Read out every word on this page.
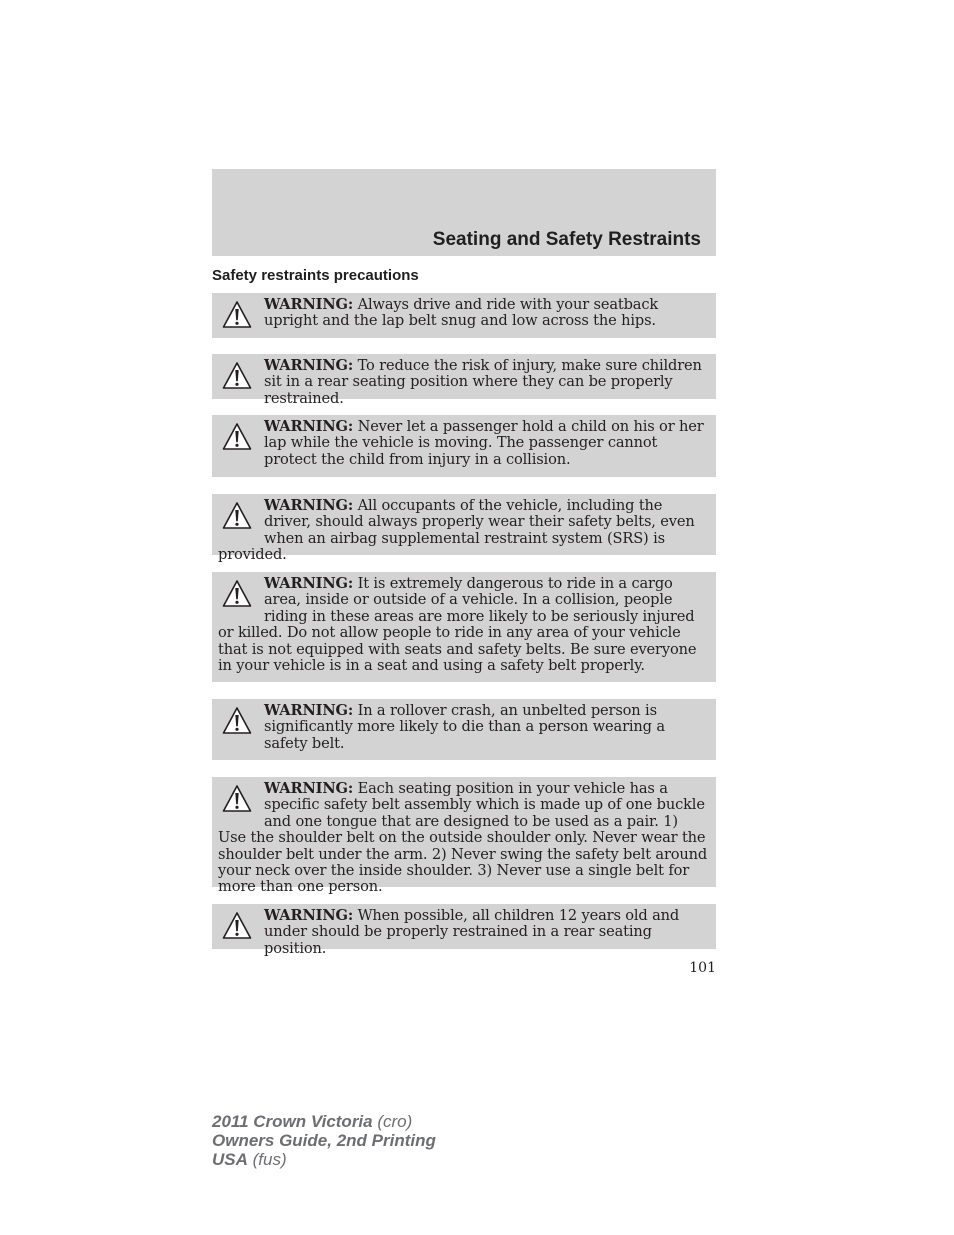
Seating and Safety Restraints
Safety restraints precautions

WARNING: Always drive and ride with your seatback upright and the lap belt snug and low across the hips.

WARNING: To reduce the risk of injury, make sure children sit in a rear seating position where they can be properly restrained.

WARNING: Never let a passenger hold a child on his or her lap while the vehicle is moving. The passenger cannot protect the child from injury in a collision.

WARNING: All occupants of the vehicle, including the driver, should always properly wear their safety belts, even when an airbag supplemental restraint system (SRS) is provided.

WARNING: It is extremely dangerous to ride in a cargo area, inside or outside of a vehicle. In a collision, people riding in these areas are more likely to be seriously injured or killed. Do not allow people to ride in any area of your vehicle that is not equipped with seats and safety belts. Be sure everyone in your vehicle is in a seat and using a safety belt properly.

WARNING: In a rollover crash, an unbelted person is significantly more likely to die than a person wearing a safety belt.

WARNING: Each seating position in your vehicle has a specific safety belt assembly which is made up of one buckle and one tongue that are designed to be used as a pair. 1) Use the shoulder belt on the outside shoulder only. Never wear the shoulder belt under the arm. 2) Never swing the safety belt around your neck over the inside shoulder. 3) Never use a single belt for more than one person.

WARNING: When possible, all children 12 years old and under should be properly restrained in a rear seating position.

101

2011 Crown Victoria (cro)
Owners Guide, 2nd Printing
USA (fus)
